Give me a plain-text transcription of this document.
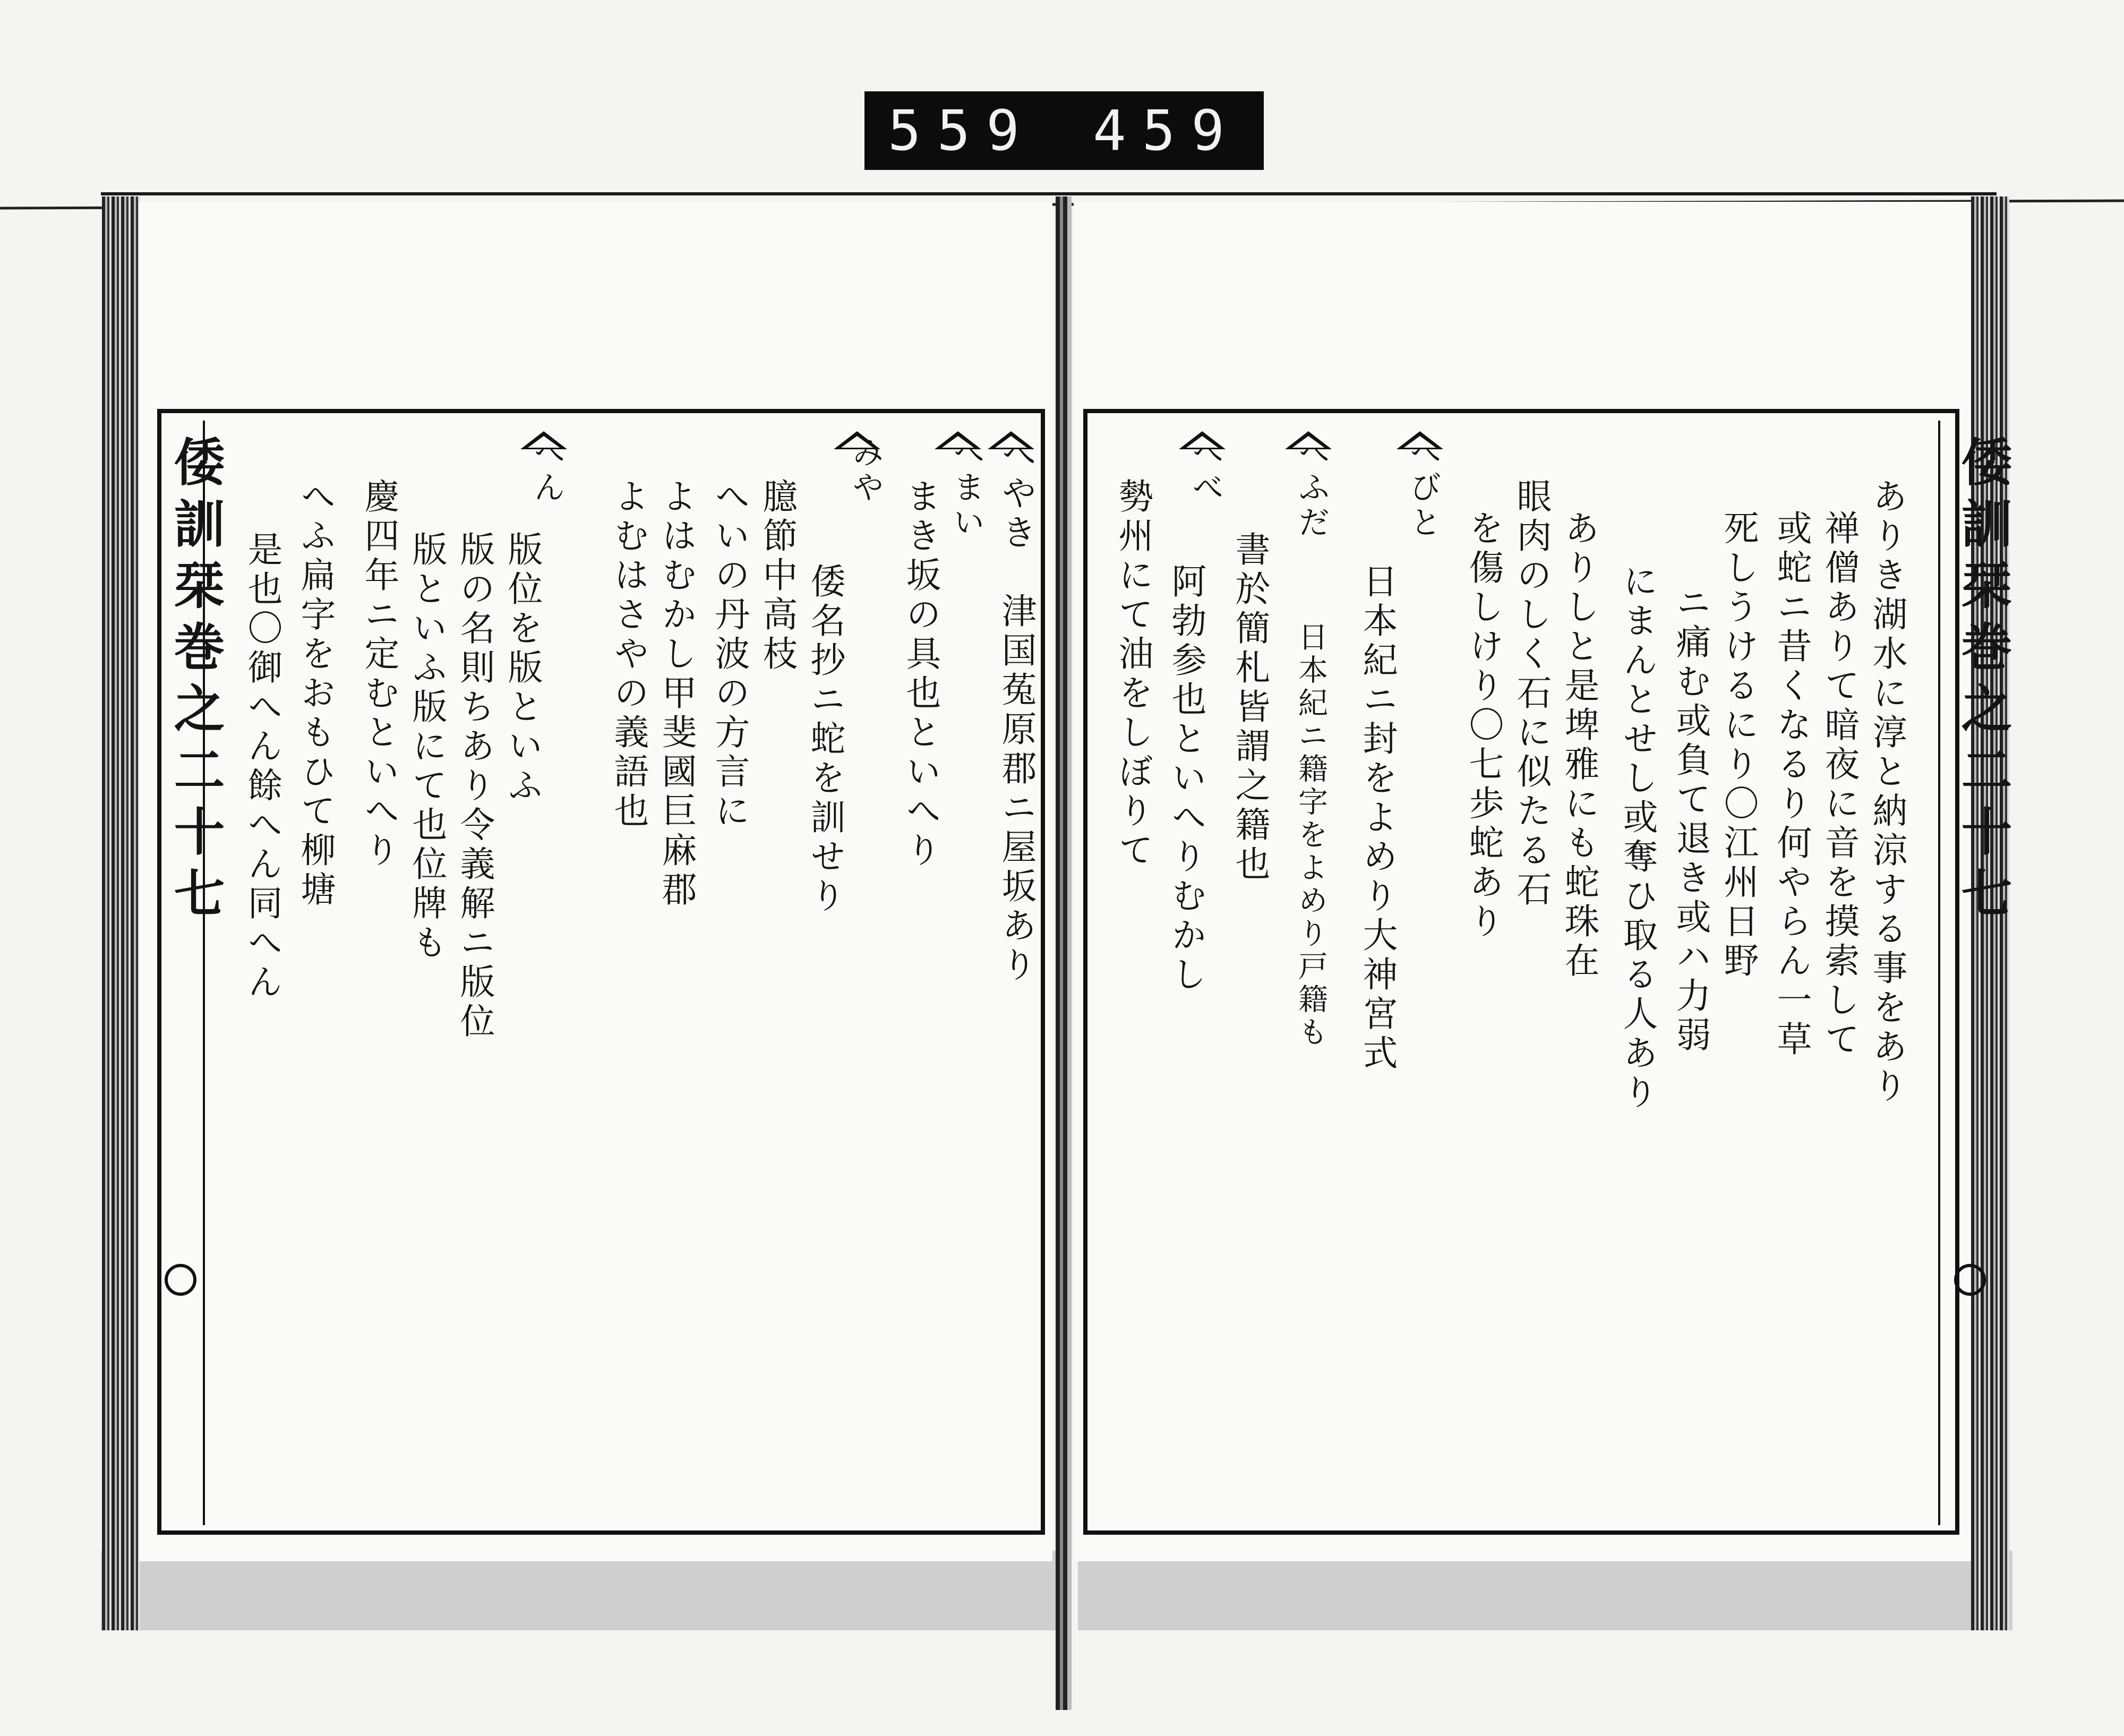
559 459
倭訓栞巻之二十七	倭訓栞巻之二十七
へやき　津国菟原郡ニ屋坂あり
へまい
まき坂の具也といへり
みや
倭名抄ニ蛇を訓せり
臆節中高枝
へいの丹波の方言に
よはむかし甲斐國巨麻郡
よむはさやの義語也
へん
版位を版といふ
版の名則ちあり令義解ニ版位
版といふ版にて也位牌も
慶四年ニ定むといへり
へふ扁字をおもひて柳塘
是也〇御へん餘へん同へん	ありき湖水に淳と納涼する事をあり
禅僧ありて暗夜に音を摸索して
或蛇ニ昔くなるり何やらん一草
死しうけるにり〇江州日野
ニ痛む或負て退き或ハ力弱
にまんとせし或奪ひ取る人あり
ありしと是埤雅にも蛇珠在
眼肉のしく石に似たる石
を傷しけり〇七歩蛇あり
へびと
日本紀ニ封をよめり大神宮式
へふだ
日本紀ニ籍字をよめり戸籍も
書於簡札皆謂之籍也
へべ
阿勃参也といへりむかし
勢州にて油をしぼりて
